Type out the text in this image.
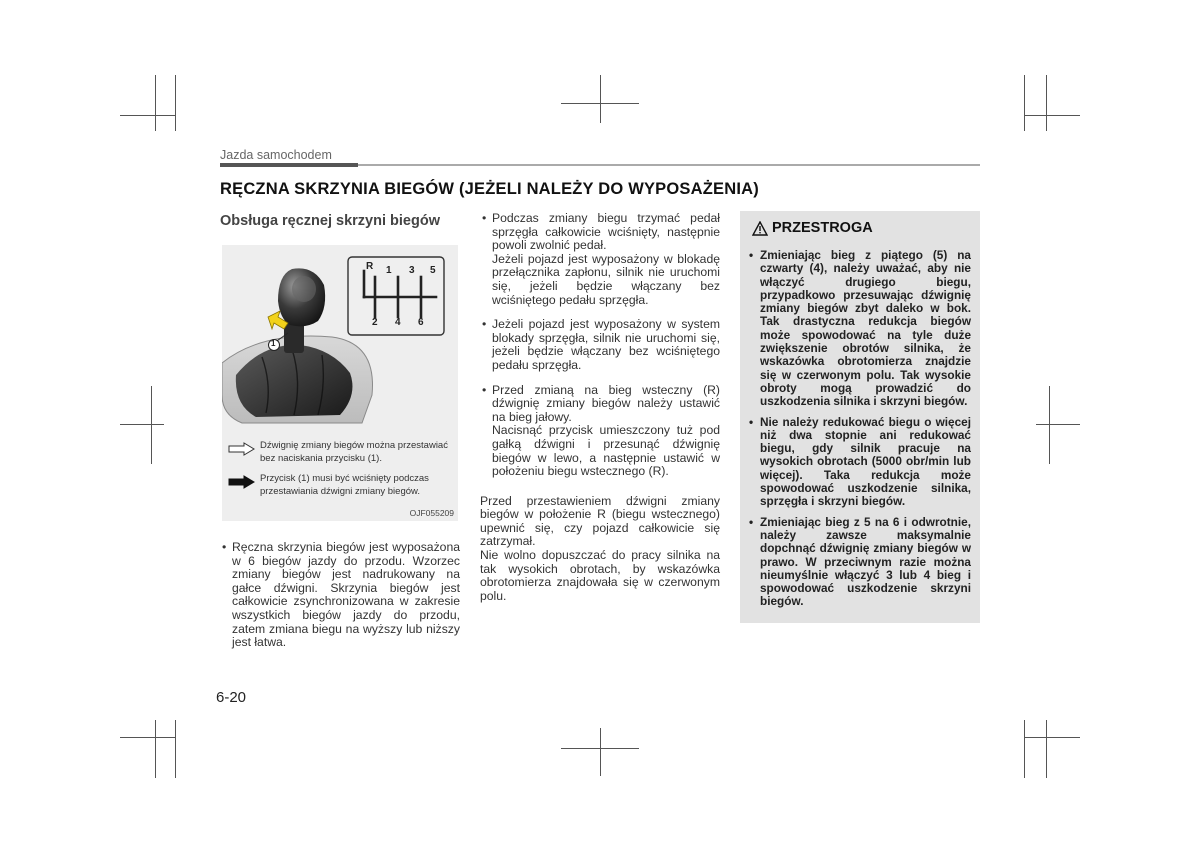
Jazda samochodem
RĘCZNA SKRZYNIA BIEGÓW (JEŻELI NALEŻY DO WYPOSAŻENIA)
Obsługa ręcznej skrzyni biegów
R 1 3 5
2 4 6
1
Dźwignię zmiany biegów można przestawiać bez naciskania przycisku (1).
Przycisk (1) musi być wciśnięty podczas przestawiania dźwigni zmiany biegów.
OJF055209

• Ręczna skrzynia biegów jest wyposażona w 6 biegów jazdy do przodu. Wzorzec zmiany biegów jest nadrukowany na gałce dźwigni. Skrzynia biegów jest całkowicie zsynchronizowana w zakresie wszystkich biegów jazdy do przodu, zatem zmiana biegu na wyższy lub niższy jest łatwa.

• Podczas zmiany biegu trzymać pedał sprzęgła całkowicie wciśnięty, następnie powoli zwolnić pedał.

Jeżeli pojazd jest wyposażony w blokadę przełącznika zapłonu, silnik nie uruchomi się, jeżeli będzie włączany bez wciśniętego pedału sprzęgła.

• Jeżeli pojazd jest wyposażony w system blokady sprzęgła, silnik nie uruchomi się, jeżeli będzie włączany bez wciśniętego pedału sprzęgła.

• Przed zmianą na bieg wsteczny (R) dźwignię zmiany biegów należy ustawić na bieg jałowy.

Nacisnąć przycisk umieszczony tuż pod gałką dźwigni i przesunąć dźwignię biegów w lewo, a następnie ustawić w położeniu biegu wstecznego (R).

Przed przestawieniem dźwigni zmiany biegów w położenie R (biegu wstecznego) upewnić się, czy pojazd całkowicie się zatrzymał.

Nie wolno dopuszczać do pracy silnika na tak wysokich obrotach, by wskazówka obrotomierza znajdowała się w czerwonym polu.

PRZESTROGA

• Zmieniając bieg z piątego (5) na czwarty (4), należy uważać, aby nie włączyć drugiego biegu, przypadkowo przesuwając dźwignię zmiany biegów zbyt daleko w bok. Tak drastyczna redukcja biegów może spowodować na tyle duże zwiększenie obrotów silnika, że wskazówka obrotomierza znajdzie się w czerwonym polu. Tak wysokie obroty mogą prowadzić do uszkodzenia silnika i skrzyni biegów.

• Nie należy redukować biegu o więcej niż dwa stopnie ani redukować biegu, gdy silnik pracuje na wysokich obrotach (5000 obr/min lub więcej). Taka redukcja może spowodować uszkodzenie silnika, sprzęgła i skrzyni biegów.

• Zmieniając bieg z 5 na 6 i odwrotnie, należy zawsze maksymalnie dopchnąć dźwignię zmiany biegów w prawo. W przeciwnym razie można nieumyślnie włączyć 3 lub 4 bieg i spowodować uszkodzenie skrzyni biegów.

6-20
